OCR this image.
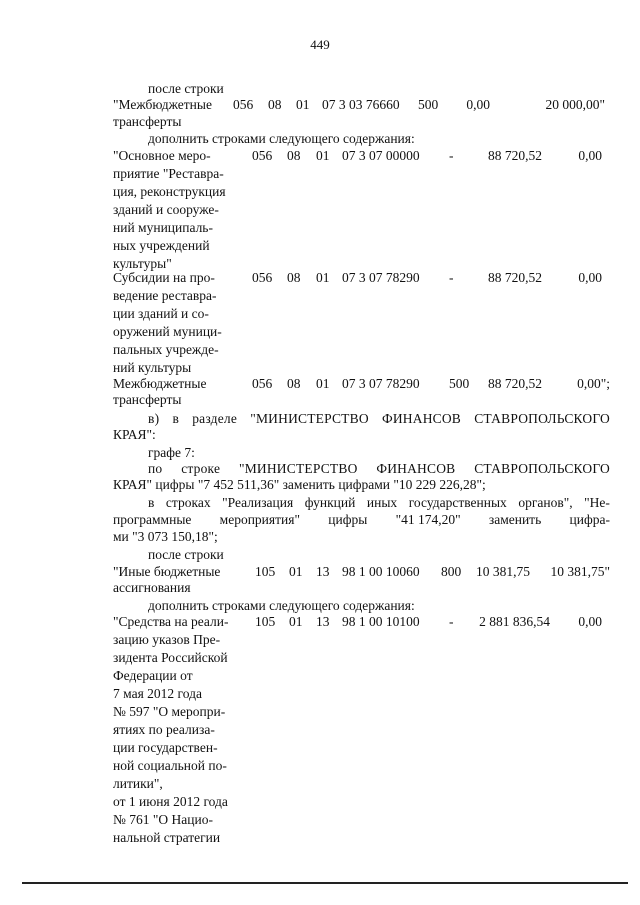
449
после строки
"Межбюджетные
трансферты
056 08 01 07 3 03 76660 500	0,00	20 000,00"
дополнить строками следующего содержания:
"Основное меро-
приятие "Реставра-
ция, реконструкция
зданий и сооруже-
ний муниципаль-
ных учреждений
культуры"
056 08 01 07 3 07 00000 -	88 720,52	0,00
Субсидии на про-
ведение реставра-
ции зданий и со-
оружений муници-
пальных учрежде-
ний культуры
056 08 01 07 3 07 78290 -	88 720,52	0,00
Межбюджетные
трансферты
056 08 01 07 3 07 78290 500	88 720,52	0,00";
в) в разделе "МИНИСТЕРСТВО ФИНАНСОВ СТАВРОПОЛЬСКОГО
КРАЯ":
графе 7:
по строке "МИНИСТЕРСТВО ФИНАНСОВ СТАВРОПОЛЬСКОГО
КРАЯ" цифры "7 452 511,36" заменить цифрами "10 229 226,28";
в строках "Реализация функций иных государственных органов", "Не-
программные мероприятия" цифры "41 174,20" заменить цифра-
ми "3 073 150,18";
после строки
"Иные бюджетные
ассигнования
105 01 13 98 1 00 10060 800	10 381,75	10 381,75"
дополнить строками следующего содержания:
"Средства на реали-
зацию указов Пре-
зидента Российской
Федерации от
7 мая 2012 года
№ 597 "О меропри-
ятиях по реализа-
ции государствен-
ной социальной по-
литики",
от 1 июня 2012 года
№ 761 "О Нацио-
нальной стратегии
105 01 13 98 1 00 10100 -	2 881 836,54	0,00
